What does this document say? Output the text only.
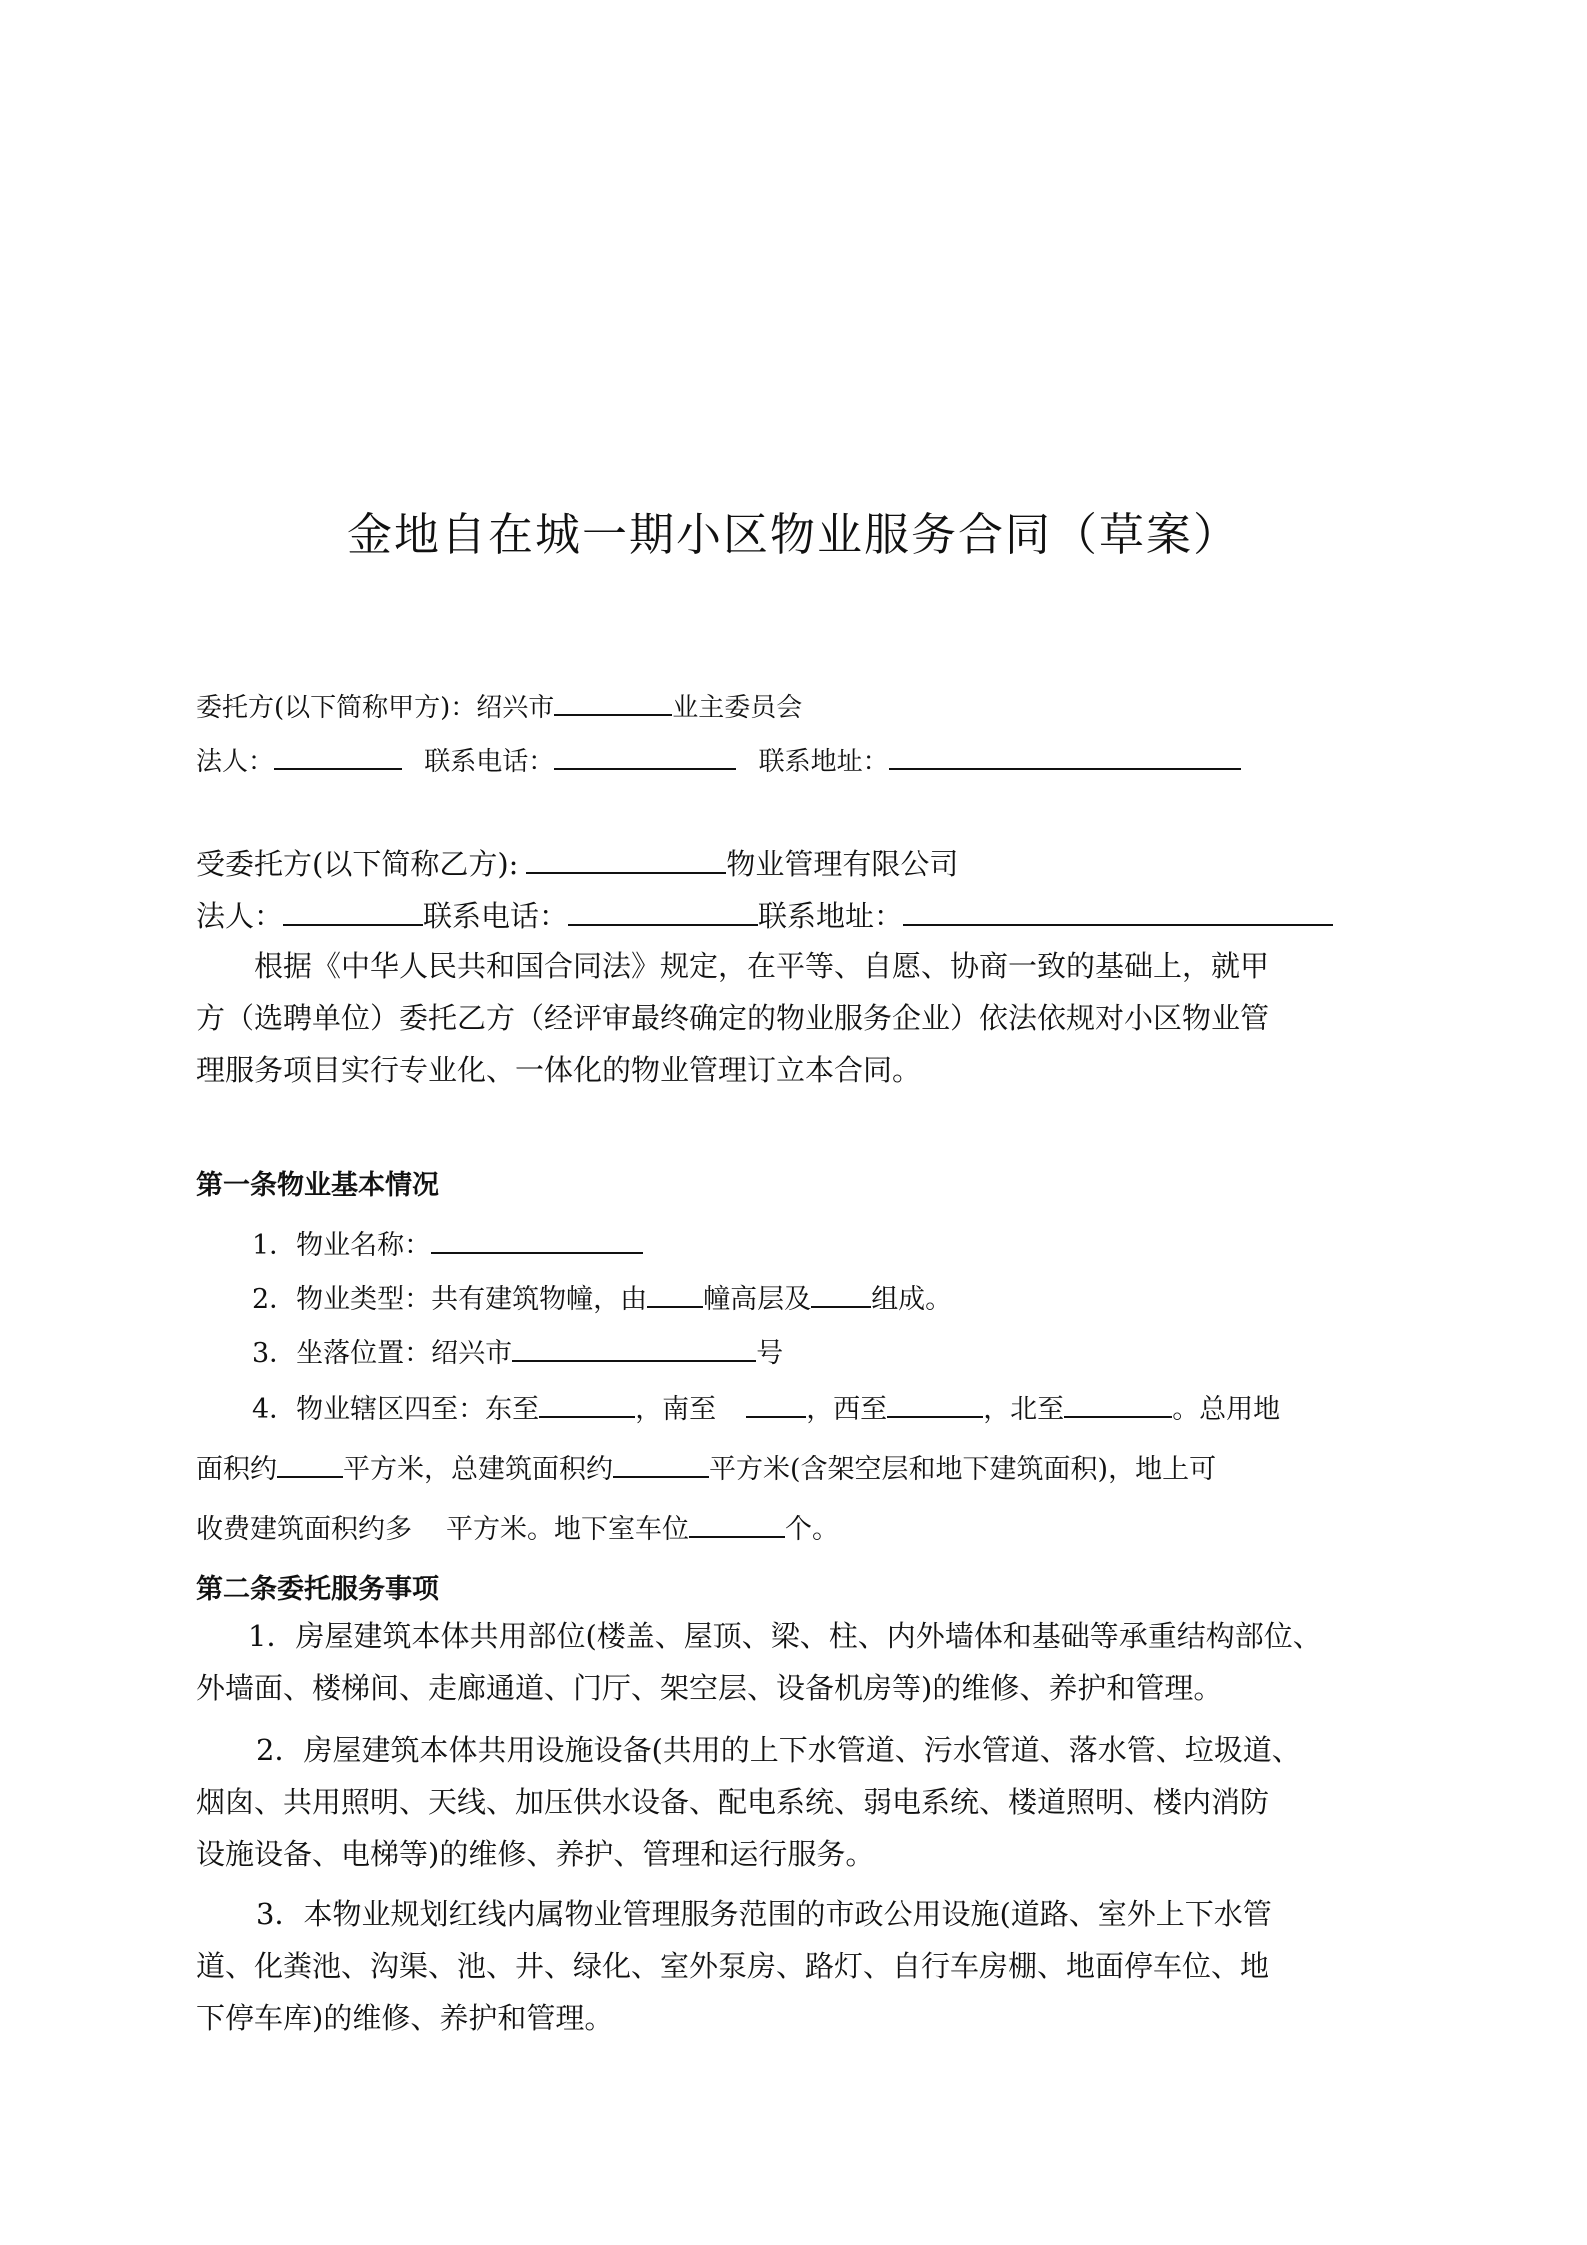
金地自在城一期小区物业服务合同（草案）
委托方(以下简称甲方)：绍兴市	业主委员会
法人：	联系电话：	联系地址：
受委托方(以下简称乙方):	物业管理有限公司
法人：	联系电话：	联系地址：
根据《中华人民共和国合同法》规定，在平等、自愿、协商一致的基础上，就甲
方（选聘单位）委托乙方（经评审最终确定的物业服务企业）依法依规对小区物业管
理服务项目实行专业化、一体化的物业管理订立本合同。
第一条物业基本情况
1．物业名称：
2．物业类型：共有建筑物幢，由 幢高层及 组成。
3．坐落位置：绍兴市	号
4．物业辖区四至：东至	，南至	，西至	，北至	。总用地
面积约 平方米，总建筑面积约	平方米(含架空层和地下建筑面积)，地上可
收费建筑面积约多 平方米。地下室车位	个。
第二条委托服务事项
1．房屋建筑本体共用部位(楼盖、屋顶、梁、柱、内外墙体和基础等承重结构部位、
外墙面、楼梯间、走廊通道、门厅、架空层、设备机房等)的维修、养护和管理。
2．房屋建筑本体共用设施设备(共用的上下水管道、污水管道、落水管、垃圾道、
烟囱、共用照明、天线、加压供水设备、配电系统、弱电系统、楼道照明、楼内消防
设施设备、电梯等)的维修、养护、管理和运行服务。
3．本物业规划红线内属物业管理服务范围的市政公用设施(道路、室外上下水管
道、化粪池、沟渠、池、井、绿化、室外泵房、路灯、自行车房棚、地面停车位、地
下停车库)的维修、养护和管理。
